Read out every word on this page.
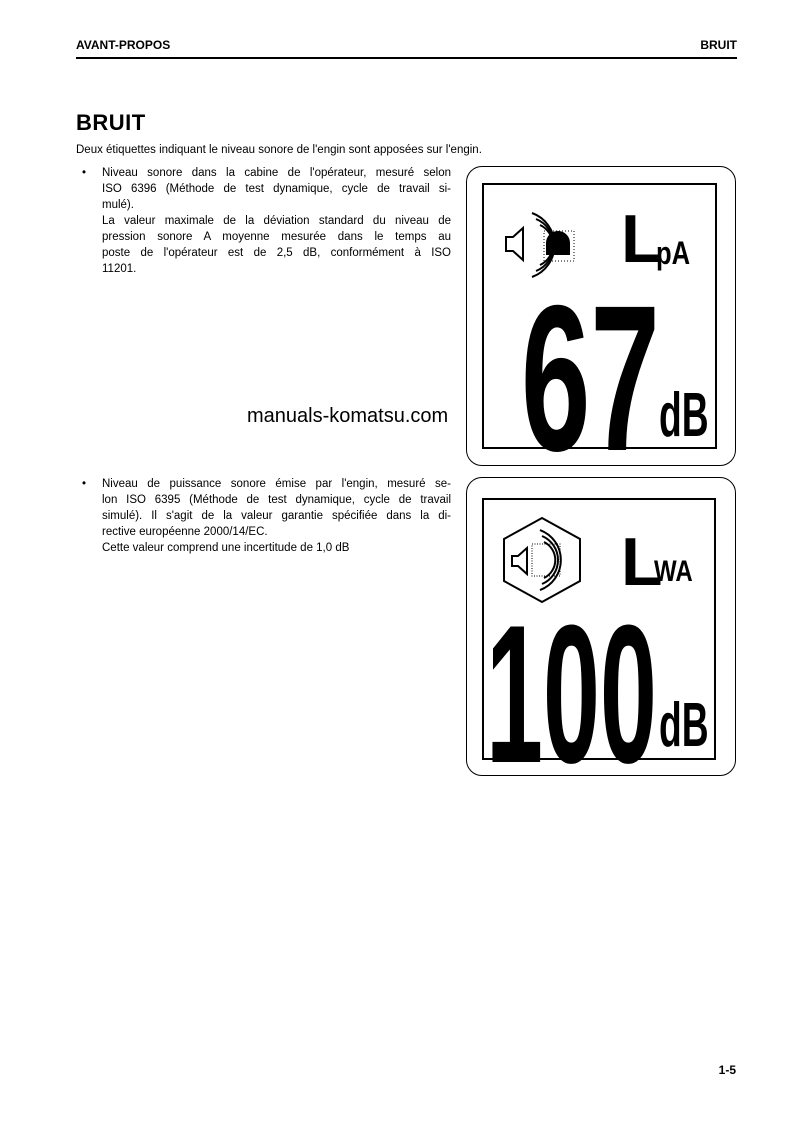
AVANT-PROPOS	BRUIT
BRUIT
Deux étiquettes indiquant le niveau sonore de l'engin sont apposées sur l'engin.
• Niveau sonore dans la cabine de l'opérateur, mesuré selon
ISO 6396 (Méthode de test dynamique, cycle de travail si-
mulé).
La valeur maximale de la déviation standard du niveau de
pression sonore A moyenne mesurée dans le temps au
poste de l'opérateur est de 2,5 dB, conformément à ISO
11201.
• Niveau de puissance sonore émise par l'engin, mesuré se-
lon ISO 6395 (Méthode de test dynamique, cycle de travail
simulé). Il s'agit de la valeur garantie spécifiée dans la di-
rective européenne 2000/14/EC.
Cette valeur comprend une incertitude de 1,0 dB
L
pA
67 dB
L
WA
100 dB
manuals-komatsu.com
1-5
